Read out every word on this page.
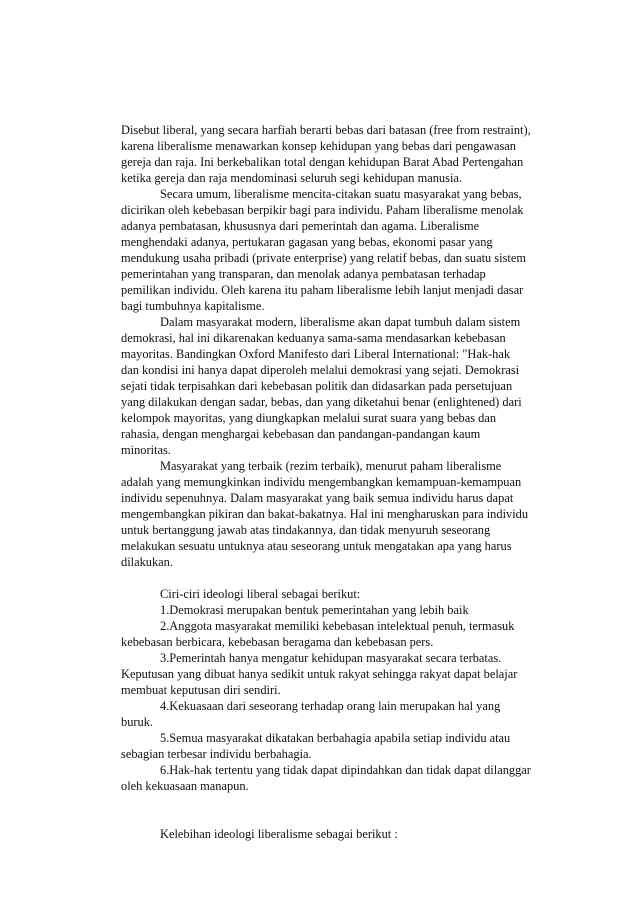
Disebut liberal, yang secara harfiah berarti bebas dari batasan (free from restraint),
karena liberalisme menawarkan konsep kehidupan yang bebas dari pengawasan
gereja dan raja. Ini berkebalikan total dengan kehidupan Barat Abad Pertengahan
ketika gereja dan raja mendominasi seluruh segi kehidupan manusia.
Secara umum, liberalisme mencita-citakan suatu masyarakat yang bebas,
dicirikan oleh kebebasan berpikir bagi para individu. Paham liberalisme menolak
adanya pembatasan, khususnya dari pemerintah dan agama. Liberalisme
menghendaki adanya, pertukaran gagasan yang bebas, ekonomi pasar yang
mendukung usaha pribadi (private enterprise) yang relatif bebas, dan suatu sistem
pemerintahan yang transparan, dan menolak adanya pembatasan terhadap
pemilikan individu. Oleh karena itu paham liberalisme lebih lanjut menjadi dasar
bagi tumbuhnya kapitalisme.
Dalam masyarakat modern, liberalisme akan dapat tumbuh dalam sistem
demokrasi, hal ini dikarenakan keduanya sama-sama mendasarkan kebebasan
mayoritas. Bandingkan Oxford Manifesto dari Liberal International: "Hak-hak
dan kondisi ini hanya dapat diperoleh melalui demokrasi yang sejati. Demokrasi
sejati tidak terpisahkan dari kebebasan politik dan didasarkan pada persetujuan
yang dilakukan dengan sadar, bebas, dan yang diketahui benar (enlightened) dari
kelompok mayoritas, yang diungkapkan melalui surat suara yang bebas dan
rahasia, dengan menghargai kebebasan dan pandangan-pandangan kaum
minoritas.
Masyarakat yang terbaik (rezim terbaik), menurut paham liberalisme
adalah yang memungkinkan individu mengembangkan kemampuan-kemampuan
individu sepenuhnya. Dalam masyarakat yang baik semua individu harus dapat
mengembangkan pikiran dan bakat-bakatnya. Hal ini mengharuskan para individu
untuk bertanggung jawab atas tindakannya, dan tidak menyuruh seseorang
melakukan sesuatu untuknya atau seseorang untuk mengatakan apa yang harus
dilakukan.
Ciri-ciri ideologi liberal sebagai berikut:
1.Demokrasi merupakan bentuk pemerintahan yang lebih baik
2.Anggota masyarakat memiliki kebebasan intelektual penuh, termasuk
kebebasan berbicara, kebebasan beragama dan kebebasan pers.
3.Pemerintah hanya mengatur kehidupan masyarakat secara terbatas.
Keputusan yang dibuat hanya sedikit untuk rakyat sehingga rakyat dapat belajar
membuat keputusan diri sendiri.
4.Kekuasaan dari seseorang terhadap orang lain merupakan hal yang
buruk.
5.Semua masyarakat dikatakan berbahagia apabila setiap individu atau
sebagian terbesar individu berbahagia.
6.Hak-hak tertentu yang tidak dapat dipindahkan dan tidak dapat dilanggar
oleh kekuasaan manapun.
Kelebihan ideologi liberalisme sebagai berikut :
